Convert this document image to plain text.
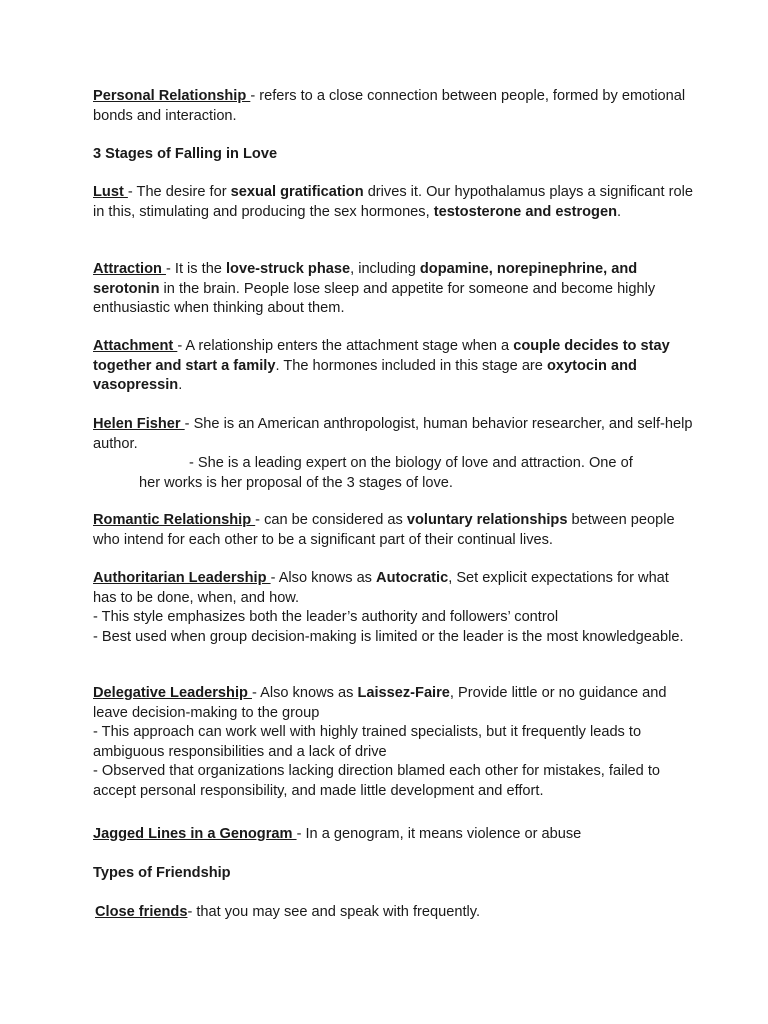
Personal Relationship - refers to a close connection between people, formed by emotional bonds and interaction.

3 Stages of Falling in Love

Lust - The desire for sexual gratification drives it. Our hypothalamus plays a significant role in this, stimulating and producing the sex hormones, testosterone and estrogen.

Attraction - It is the love-struck phase, including dopamine, norepinephrine, and serotonin in the brain. People lose sleep and appetite for someone and become highly enthusiastic when thinking about them.

Attachment - A relationship enters the attachment stage when a couple decides to stay together and start a family. The hormones included in this stage are oxytocin and vasopressin.

Helen Fisher - She is an American anthropologist, human behavior researcher, and self-help author.
- She is a leading expert on the biology of love and attraction. One of
her works is her proposal of the 3 stages of love.

Romantic Relationship - can be considered as voluntary relationships between people who intend for each other to be a significant part of their continual lives.

Authoritarian Leadership - Also knows as Autocratic, Set explicit expectations for what has to be done, when, and how.
- This style emphasizes both the leader’s authority and followers’ control
- Best used when group decision-making is limited or the leader is the most knowledgeable.

Delegative Leadership - Also knows as Laissez-Faire, Provide little or no guidance and leave decision-making to the group
- This approach can work well with highly trained specialists, but it frequently leads to ambiguous responsibilities and a lack of drive
- Observed that organizations lacking direction blamed each other for mistakes, failed to accept personal responsibility, and made little development and effort.

Jagged Lines in a Genogram - In a genogram, it means violence or abuse

Types of Friendship

Close friends- that you may see and speak with frequently.
